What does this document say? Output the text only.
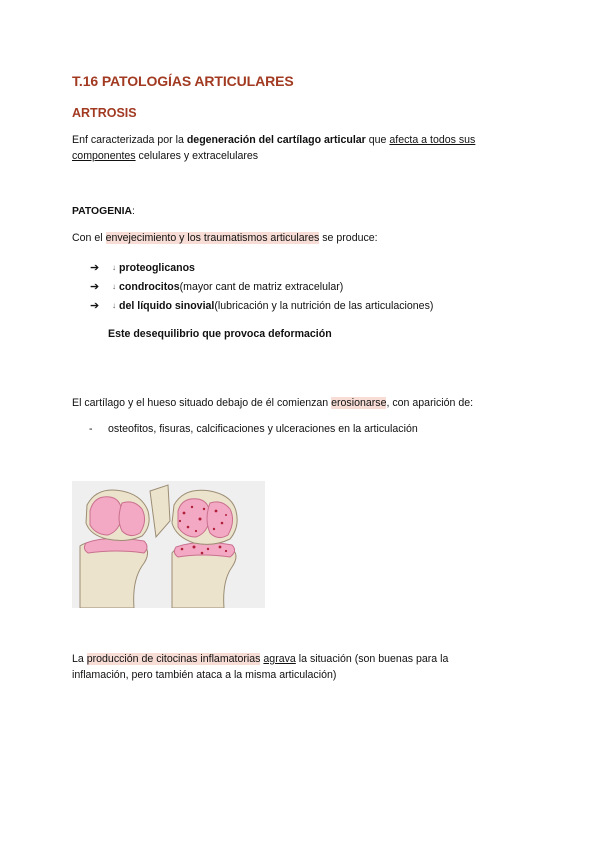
T.16 PATOLOGÍAS ARTICULARES
ARTROSIS
Enf caracterizada por la degeneración del cartílago articular que afecta a todos sus
componentes celulares y extracelulares
PATOGENIA:
Con el envejecimiento y los traumatismos articulares se produce:
➔	↓ proteoglicanos
➔	↓ condrocitos (mayor cant de matriz extracelular)
➔	↓ del líquido sinovial (lubricación y la nutrición de las articulaciones)
Este desequilibrio que provoca deformación
El cartílago y el hueso situado debajo de él comienzan erosionarse, con aparición de:
- osteofitos, fisuras, calcificaciones y ulceraciones en la articulación
La producción de citocinas inflamatorias agrava la situación (son buenas para la
inflamación, pero también ataca a la misma articulación)
